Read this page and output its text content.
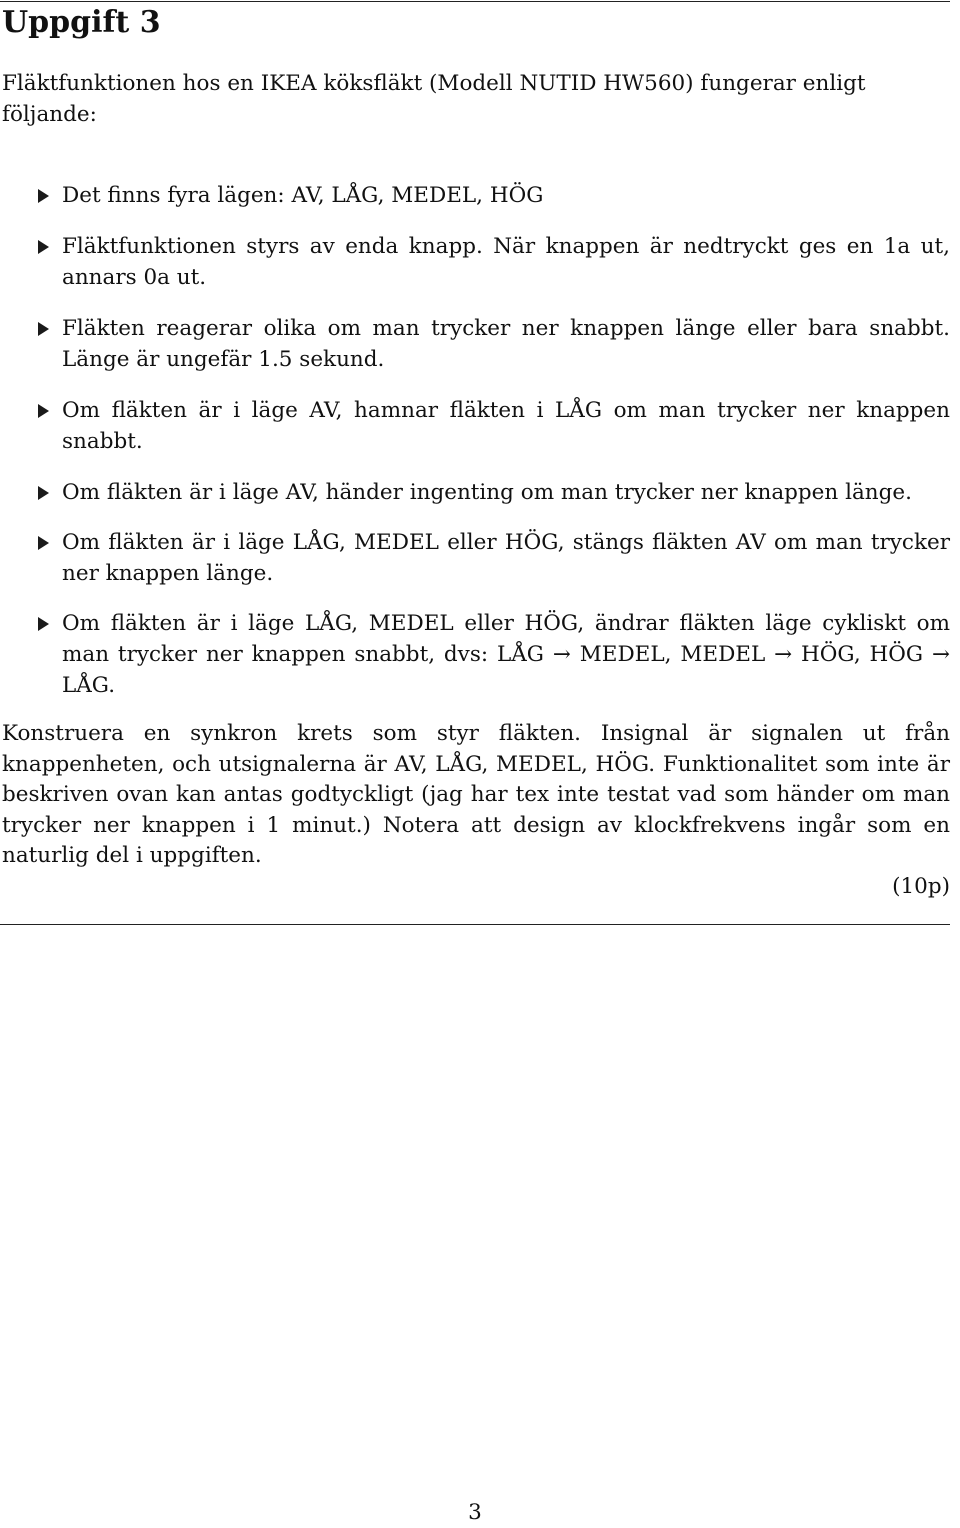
Uppgift 3

Fläktfunktionen hos en IKEA köksfläkt (Modell NUTID HW560) fungerar enligt följande:

Det finns fyra lägen: AV, LÅG, MEDEL, HÖG

Fläktfunktionen styrs av enda knapp. När knappen är nedtryckt ges en 1a ut, annars 0a ut.

Fläkten reagerar olika om man trycker ner knappen länge eller bara snabbt. Länge är ungefär 1.5 sekund.

Om fläkten är i läge AV, hamnar fläkten i LÅG om man trycker ner knappen snabbt.

Om fläkten är i läge AV, händer ingenting om man trycker ner knappen länge.

Om fläkten är i läge LÅG, MEDEL eller HÖG, stängs fläkten AV om man trycker ner knappen länge.

Om fläkten är i läge LÅG, MEDEL eller HÖG, ändrar fläkten läge cykliskt om man trycker ner knappen snabbt, dvs: LÅG → MEDEL, MEDEL → HÖG, HÖG → LÅG.

Konstruera en synkron krets som styr fläkten. Insignal är signalen ut från knappenheten, och utsignalerna är AV, LÅG, MEDEL, HÖG. Funktionalitet som inte är beskriven ovan kan antas godtyckligt (jag har tex inte testat vad som händer om man trycker ner knappen i 1 minut.) Notera att design av klockfrekvens ingår som en naturlig del i uppgiften.

(10p)

3
